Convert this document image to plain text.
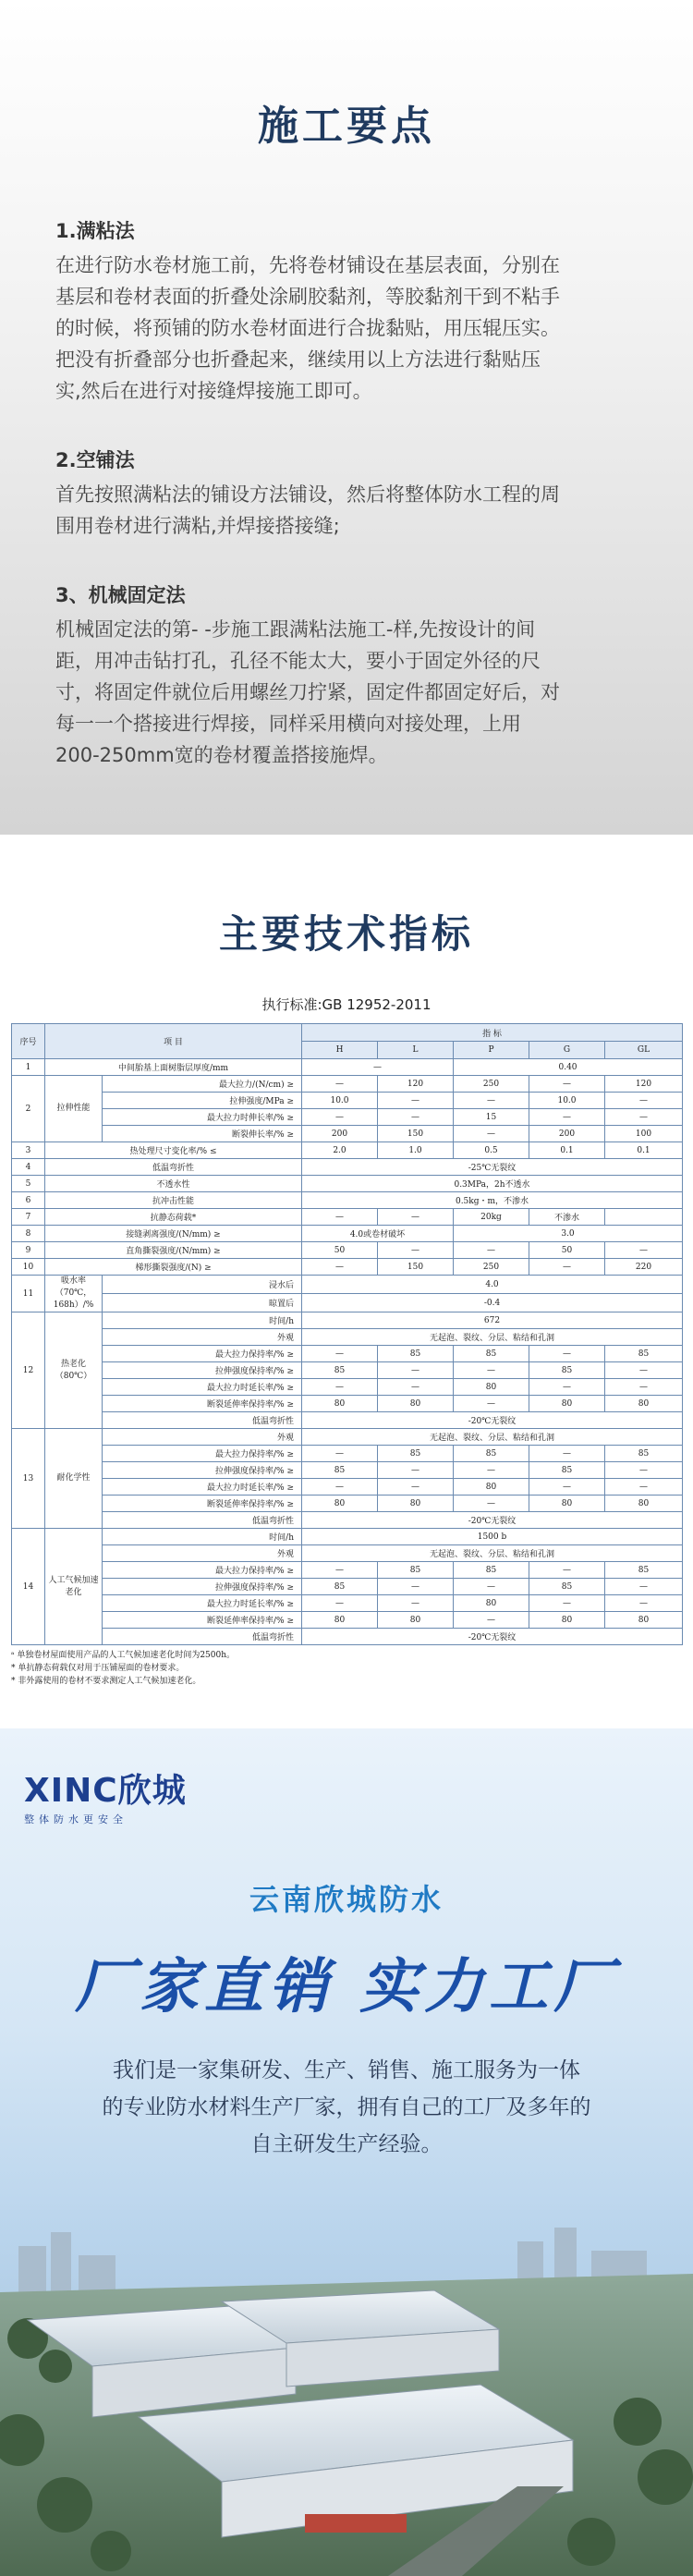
施工要点
1.满粘法
在进行防水卷材施工前，先将卷材铺设在基层表面，分别在
基层和卷材表面的折叠处涂刷胶黏剂，等胶黏剂干到不粘手
的时候，将预铺的防水卷材面进行合拢黏贴，用压辊压实。
把没有折叠部分也折叠起来，继续用以上方法进行黏贴压
实,然后在进行对接缝焊接施工即可。
2.空铺法
首先按照满粘法的铺设方法铺设，然后将整体防水工程的周
围用卷材进行满粘,并焊接搭接缝;
3、机械固定法
机械固定法的第- -步施工跟满粘法施工-样,先按设计的间
距，用冲击钻打孔，孔径不能太大，要小于固定外径的尺
寸，将固定件就位后用螺丝刀拧紧，固定件都固定好后，对
每一一个搭接进行焊接，同样采用横向对接处理，上用
200-250mm宽的卷材覆盖搭接施焊。
主要技术指标
执行标准:GB 12952-2011
序号	项 目		指 标				
			H	L	P	G	GL
1	中间胎基上面树脂层厚度/mm		—		0.40		
2	拉伸性能	最大拉力/(N/cm) ≥	—	120	250	—	120
		拉伸强度/MPa ≥	10.0	—	—	10.0	—
		最大拉力时伸长率/% ≥	—	—	15	—	—
		断裂伸长率/% ≥	200	150	—	200	100
3	热处理尺寸变化率/% ≤		2.0	1.0	0.5	0.1	0.1
4	低温弯折性		-25℃无裂纹				
5	不透水性		0.3MPa，2h不透水				
6	抗冲击性能		0.5kg・m，不渗水				
7	抗静态荷载*		—	—	20kg	不渗水	
8	接缝剥离强度/(N/mm) ≥		4.0或卷材破坏		3.0		
9	直角撕裂强度/(N/mm) ≥		50	—	—	50	—
10	梯形撕裂强度/(N) ≥		—	150	250	—	220
11	吸水率（70℃，168h）/%	浸水后	4.0				
		晾置后	-0.4				
12	热老化（80℃）	时间/h	672				
		外观	无起泡、裂纹、分层、粘结和孔洞				
		最大拉力保持率/% ≥	—	85	85	—	85
		拉伸强度保持率/% ≥	85	—	—	85	—
		最大拉力时延长率/% ≥	—	—	80	—	—
		断裂延伸率保持率/% ≥	80	80	—	80	80
		低温弯折性	-20℃无裂纹				
13	耐化学性	外观	无起泡、裂纹、分层、粘结和孔洞				
		最大拉力保持率/% ≥	—	85	85	—	85
		拉伸强度保持率/% ≥	85	—	—	85	—
		最大拉力时延长率/% ≥	—	—	80	—	—
		断裂延伸率保持率/% ≥	80	80	—	80	80
		低温弯折性	-20℃无裂纹				
14	人工气候加速老化	时间/h	1500 b				
		外观	无起泡、裂纹、分层、粘结和孔洞				
		最大拉力保持率/% ≥	—	85	85	—	85
		拉伸强度保持率/% ≥	85	—	—	85	—
		最大拉力时延长率/% ≥	—	—	80	—	—
		断裂延伸率保持率/% ≥	80	80	—	80	80
		低温弯折性	-20℃无裂纹				
ᵃ 单独卷材屋面使用产品的人工气候加速老化时间为2500h。
* 单抗静态荷载仅对用于压铺屋面的卷材要求。
* 非外露使用的卷材不要求测定人工气候加速老化。
XINC欣城
整体防水更安全
云南欣城防水
厂家直销 实力工厂
我们是一家集研发、生产、销售、施工服务为一体
的专业防水材料生产厂家，拥有自己的工厂及多年的
自主研发生产经验。
